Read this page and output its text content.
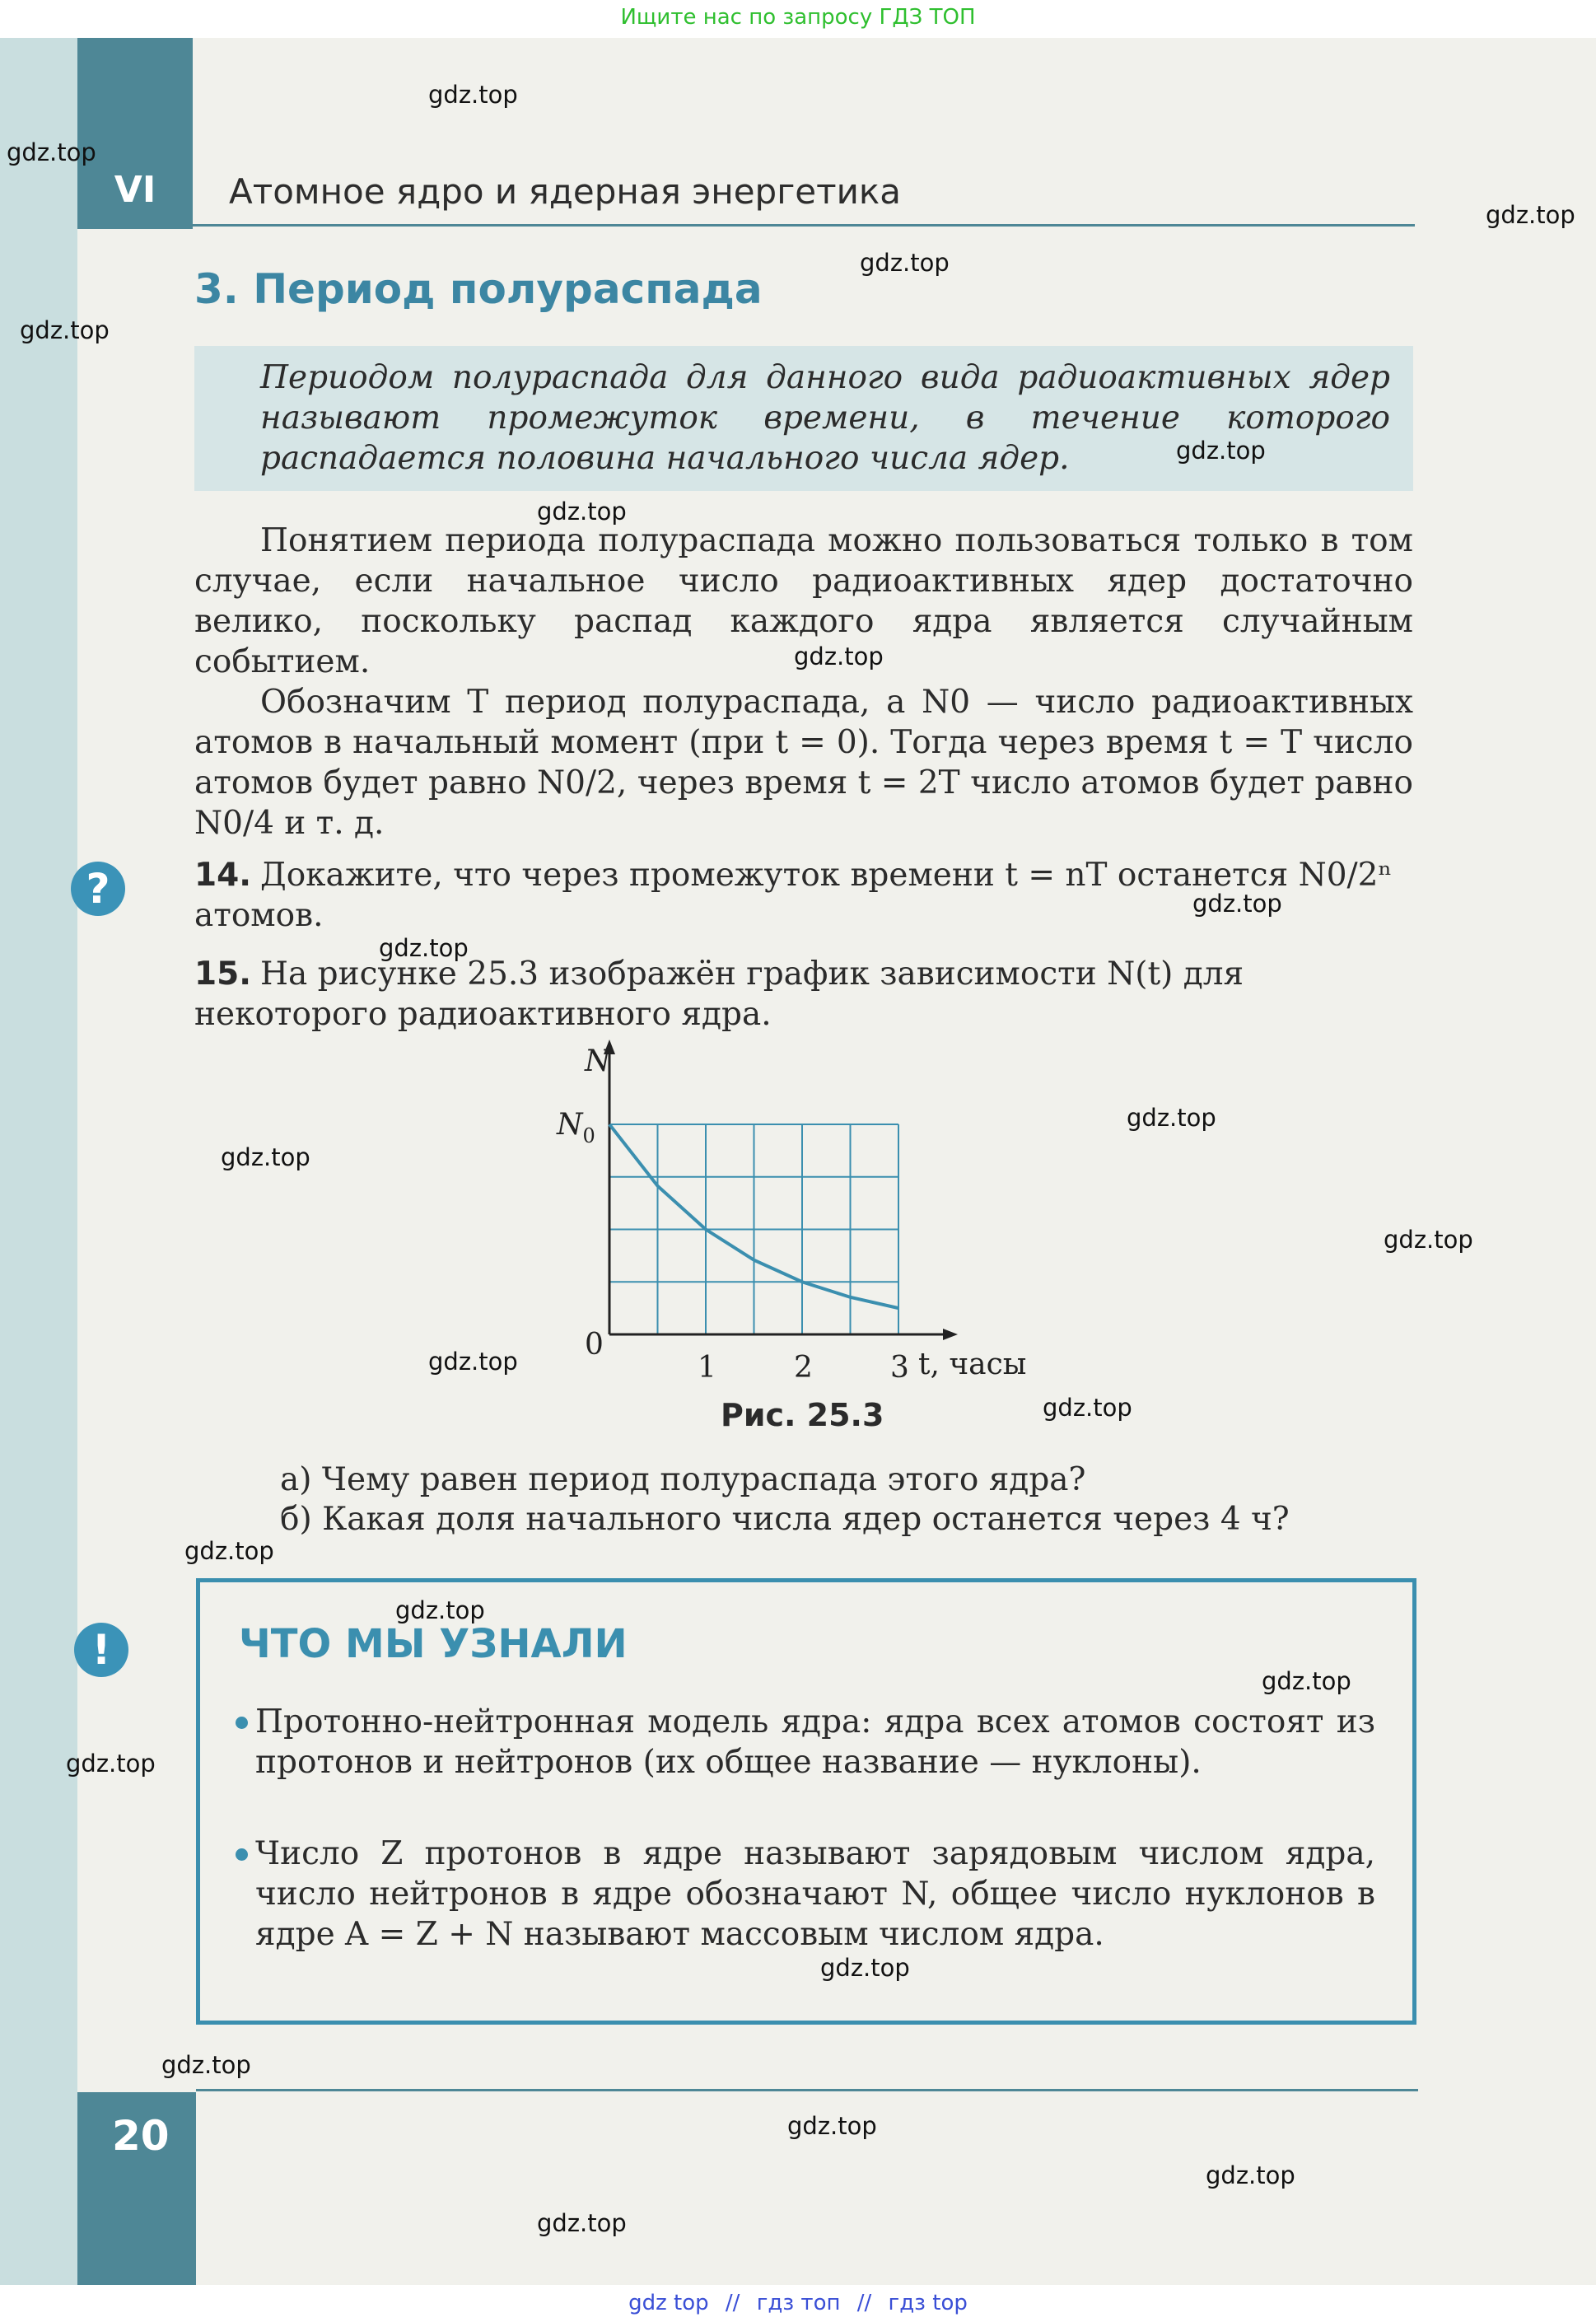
Ищите нас по запросу ГДЗ ТОП
VI Атомное ядро и ядерная энергетика
3. Период полураспада

Периодом полураспада для данного вида радиоактивных ядер называют промежуток времени, в течение которого распадается половина начального числа ядер.

Понятием периода полураспада можно пользоваться только в том случае, если начальное число радиоактивных ядер достаточно велико, поскольку распад каждого ядра является случайным событием.

Обозначим T период полураспада, а N0 — число радиоактивных атомов в начальный момент (при t = 0). Тогда через время t = T число атомов будет равно N0/2, через время t = 2T число атомов будет равно N0/4 и т. д.

?	14. Докажите, что через промежуток времени t = nT останется N0/2ⁿ атомов.
15. На рисунке 25.3 изображён график зависимости N(t) для некоторого радиоактивного ядра.
N
$N_0$
0
1	2	3 t, часы
Рис. 25.3
а) Чему равен период полураспада этого ядра?
б) Какая доля начального числа ядер останется через 4 ч?
!	ЧТО МЫ УЗНАЛИ
Протонно-нейтронная модель ядра: ядра всех атомов состоят из протонов и нейтронов (их общее название — нуклоны).
Число Z протонов в ядре называют зарядовым числом ядра, число нейтронов в ядре обозначают N, общее число нуклонов в ядре A = Z + N называют массовым числом ядра.
20
gdz.top
gdz.top
gdz.top
gdz.top
gdz.top
gdz.top
gdz.top
gdz.top
gdz.top
gdz.top
gdz.top
gdz.top
gdz.top
gdz.top
gdz.top
gdz.top
gdz.top
gdz.top
gdz.top
gdz.top
gdz.top
gdz.top
gdz.top
gdz.top
gdz top // гдз топ // гдз top
